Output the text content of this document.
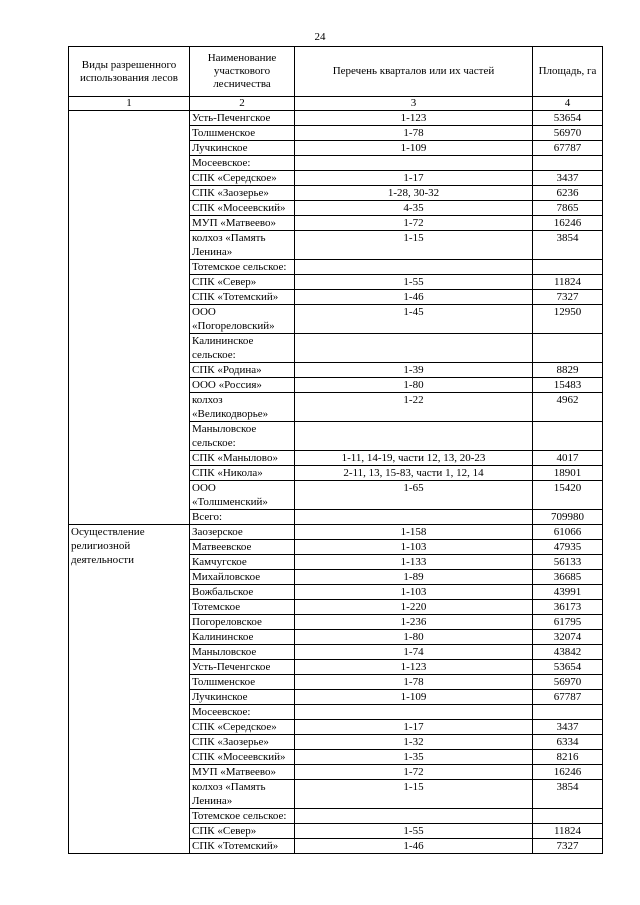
24
Виды разрешенного использования лесов	Наименование участкового лесничества	Перечень кварталов или их частей	Площадь, га
1	2	3	4
	Усть-Печенгское	1-123	53654
	Толшменское	1-78	56970
	Лучкинское	1-109	67787
	Мосеевское:		
	СПК «Середское»	1-17	3437
	СПК «Заозерье»	1-28, 30-32	6236
	СПК «Мосеевский»	4-35	7865
	МУП «Матвеево»	1-72	16246
	колхоз «Память Ленина»	1-15	3854
	Тотемское сельское:		
	СПК «Север»	1-55	11824
	СПК «Тотемский»	1-46	7327
	ООО «Погореловский»	1-45	12950
	Калининское сельское:		
	СПК «Родина»	1-39	8829
	ООО «Россия»	1-80	15483
	колхоз «Великодворье»	1-22	4962
	Маныловское сельское:		
	СПК «Маныловo»	1-11, 14-19, части 12, 13, 20-23	4017
	СПК «Никола»	2-11, 13, 15-83, части 1, 12, 14	18901
	ООО «Толшменский»	1-65	15420
	Всего:		709980
Осуществление религиозной деятельности	Заозерское	1-158	61066
	Матвеевское	1-103	47935
	Камчугское	1-133	56133
	Михайловское	1-89	36685
	Вожбальское	1-103	43991
	Тотемское	1-220	36173
	Погореловское	1-236	61795
	Калининское	1-80	32074
	Маныловское	1-74	43842
	Усть-Печенгское	1-123	53654
	Толшменское	1-78	56970
	Лучкинское	1-109	67787
	Мосеевское:		
	СПК «Середское»	1-17	3437
	СПК «Заозерье»	1-32	6334
	СПК «Мосеевский»	1-35	8216
	МУП «Матвеево»	1-72	16246
	колхоз «Память Ленина»	1-15	3854
	Тотемское сельское:		
	СПК «Север»	1-55	11824
	СПК «Тотемский»	1-46	7327
